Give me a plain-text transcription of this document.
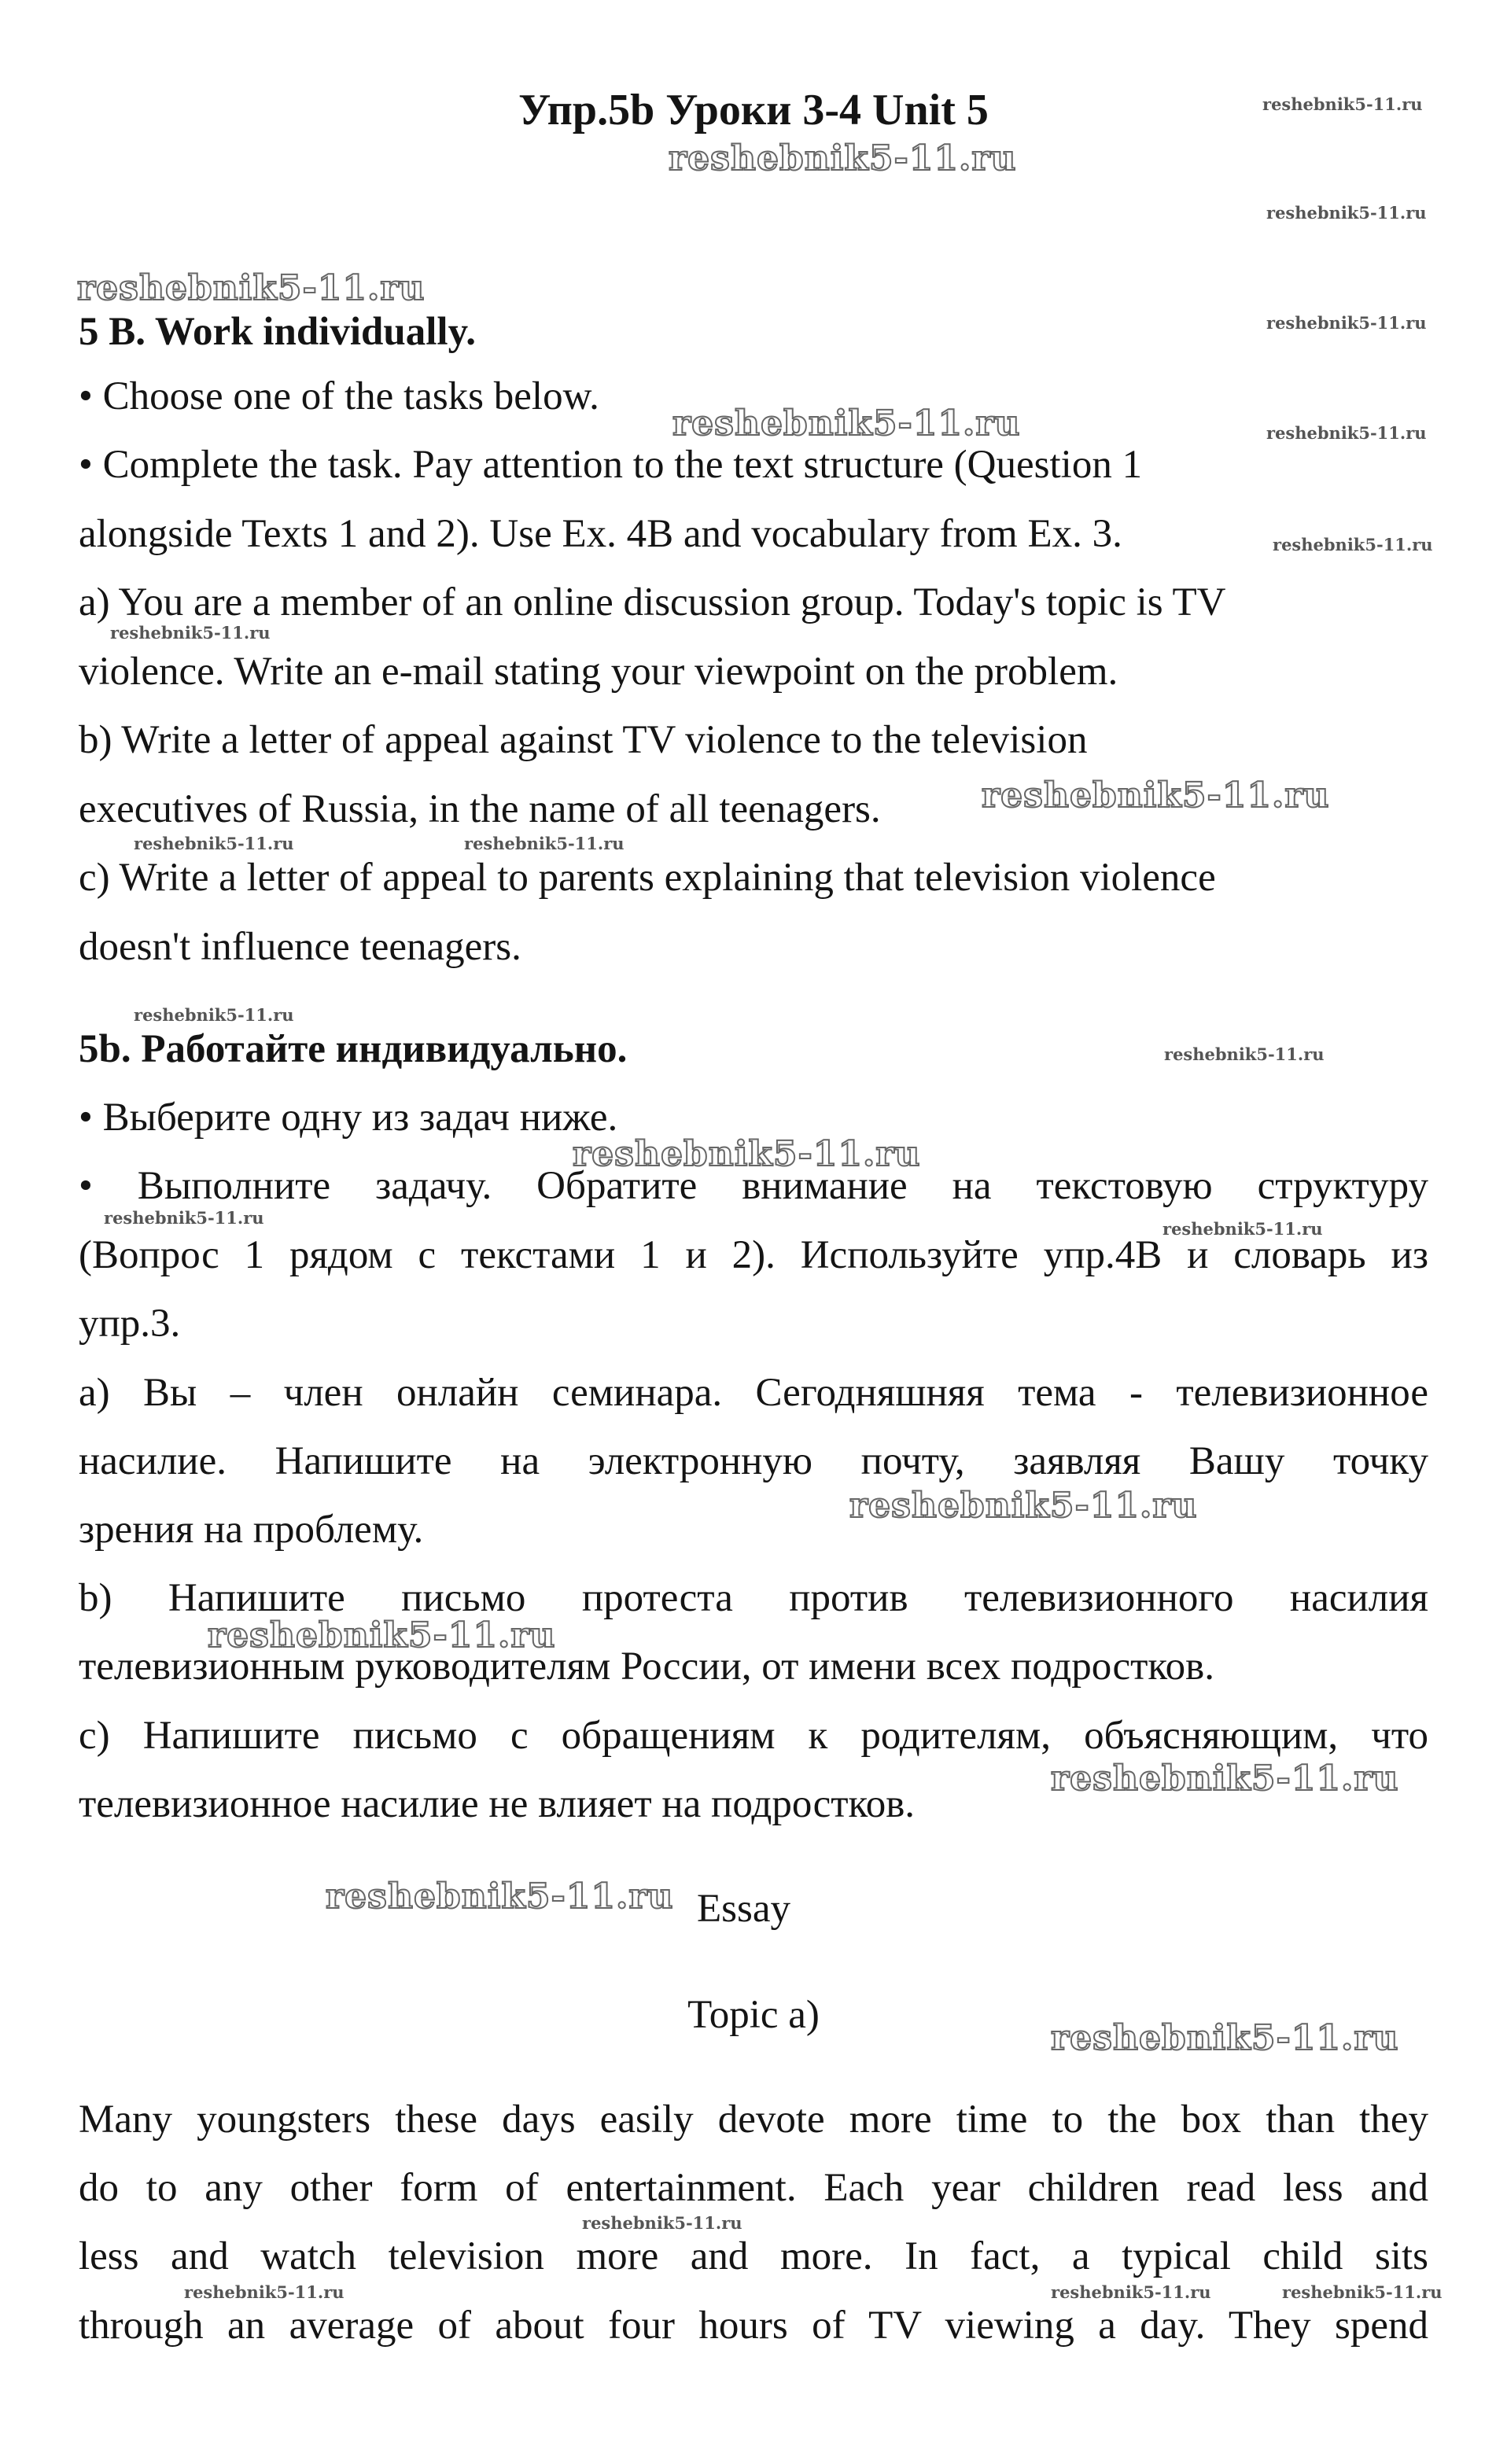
Упр.5b Уроки 3-4 Unit 5
5 B. Work individually.
• Choose one of the tasks below.
• Complete the task. Pay attention to the text structure (Question 1
alongside Texts 1 and 2). Use Ex. 4B and vocabulary from Ex. 3.
a) You are a member of an online discussion group. Today's topic is TV
violence. Write an e-mail stating your viewpoint on the problem.
b) Write a letter of appeal against TV violence to the television
executives of Russia, in the name of all teenagers.
c) Write a letter of appeal to parents explaining that television violence
doesn't influence teenagers.
5b. Работайте индивидуально.
• Выберите одну из задач ниже.
• Выполните задачу. Обратите внимание на текстовую структуру
(Вопрос 1 рядом с текстами 1 и 2). Используйте упр.4В и словарь из
упр.3.
a) Вы – член онлайн семинара. Сегодняшняя тема - телевизионное
насилие. Напишите на электронную почту, заявляя Вашу точку
зрения на проблему.
b) Напишите письмо протеста против телевизионного насилия
телевизионным руководителям России, от имени всех подростков.
c) Напишите письмо с обращениям к родителям, объясняющим, что
телевизионное насилие не влияет на подростков.
Essay
Topic a)
Many youngsters these days easily devote more time to the box than they
do to any other form of entertainment. Each year children read less and
less and watch television more and more. In fact, a typical child sits
through an average of about four hours of TV viewing a day. They spend
reshebnik5-11.ru
reshebnik5-11.ru
reshebnik5-11.ru
reshebnik5-11.ru
reshebnik5-11.ru
reshebnik5-11.ru
reshebnik5-11.ru
reshebnik5-11.ru
reshebnik5-11.ru
reshebnik5-11.ru
reshebnik5-11.ru
reshebnik5-11.ru
reshebnik5-11.ru
reshebnik5-11.ru
reshebnik5-11.ru
reshebnik5-11.ru
reshebnik5-11.ru	reshebnik5-11.ru
reshebnik5-11.ru
reshebnik5-11.ru
reshebnik5-11.ru
reshebnik5-11.ru
reshebnik5-11.ru
reshebnik5-11.ru	reshebnik5-11.ru	reshebnik5-11.ru
